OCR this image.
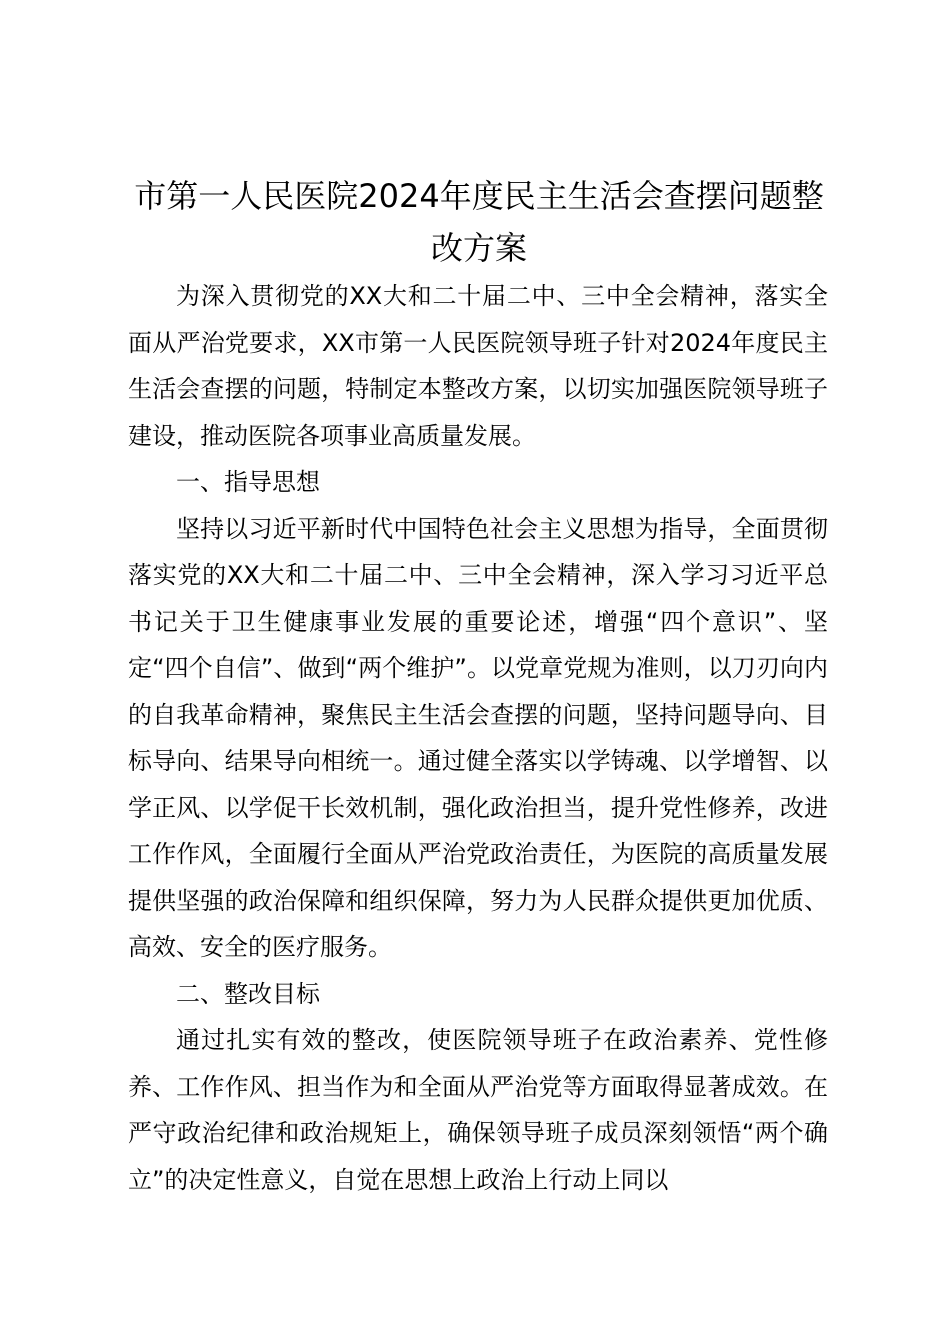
市第一人民医院2024年度民主生活会查摆问题整改方案

为深入贯彻党的XX大和二十届二中、三中全会精神，落实全面从严治党要求，XX市第一人民医院领导班子针对2024年度民主生活会查摆的问题，特制定本整改方案，以切实加强医院领导班子建设，推动医院各项事业高质量发展。

一、指导思想

坚持以习近平新时代中国特色社会主义思想为指导，全面贯彻落实党的XX大和二十届二中、三中全会精神，深入学习习近平总书记关于卫生健康事业发展的重要论述，增强“四个意识”、坚定“四个自信”、做到“两个维护”。以党章党规为准则，以刀刃向内的自我革命精神，聚焦民主生活会查摆的问题，坚持问题导向、目标导向、结果导向相统一。通过健全落实以学铸魂、以学增智、以学正风、以学促干长效机制，强化政治担当，提升党性修养，改进工作作风，全面履行全面从严治党政治责任，为医院的高质量发展提供坚强的政治保障和组织保障，努力为人民群众提供更加优质、高效、安全的医疗服务。

二、整改目标

通过扎实有效的整改，使医院领导班子在政治素养、党性修养、工作作风、担当作为和全面从严治党等方面取得显著成效。在严守政治纪律和政治规矩上，确保领导班子成员深刻领悟“两个确立”的决定性意义，自觉在思想上政治上行动上同以
